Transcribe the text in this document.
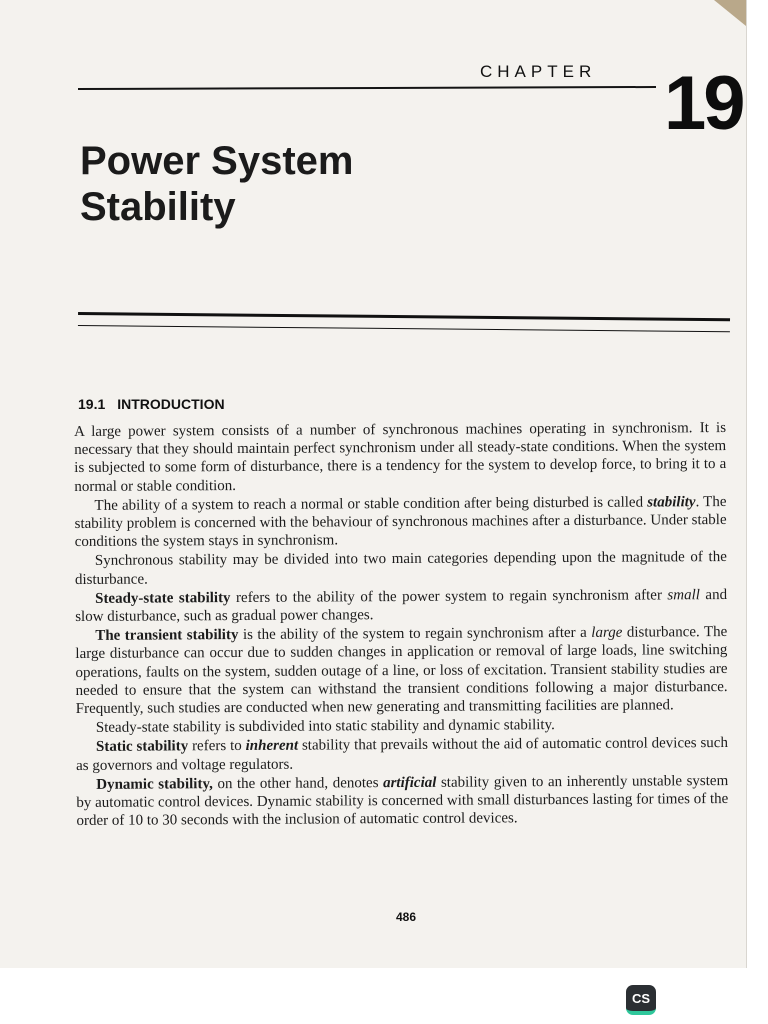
CHAPTER 19
Power System
Stability
19.1 INTRODUCTION

A large power system consists of a number of synchronous machines operating in synchronism. It is necessary that they should maintain perfect synchronism under all steady-state conditions. When the system is subjected to some form of disturbance, there is a tendency for the system to develop force, to bring it to a normal or stable condition.

The ability of a system to reach a normal or stable condition after being disturbed is called stability. The stability problem is concerned with the behaviour of synchronous machines after a disturbance. Under stable conditions the system stays in synchronism.

Synchronous stability may be divided into two main categories depending upon the magnitude of the disturbance.

Steady-state stability refers to the ability of the power system to regain synchronism after small and slow disturbance, such as gradual power changes.

The transient stability is the ability of the system to regain synchronism after a large disturbance. The large disturbance can occur due to sudden changes in application or removal of large loads, line switching operations, faults on the system, sudden outage of a line, or loss of excitation. Transient stability studies are needed to ensure that the system can withstand the transient conditions following a major disturbance. Frequently, such studies are conducted when new generating and transmitting facilities are planned.

Steady-state stability is subdivided into static stability and dynamic stability.

Static stability refers to inherent stability that prevails without the aid of automatic control devices such as governors and voltage regulators.

Dynamic stability, on the other hand, denotes artificial stability given to an inherently unstable system by automatic control devices. Dynamic stability is concerned with small disturbances lasting for times of the order of 10 to 30 seconds with the inclusion of automatic control devices.

486
CS
